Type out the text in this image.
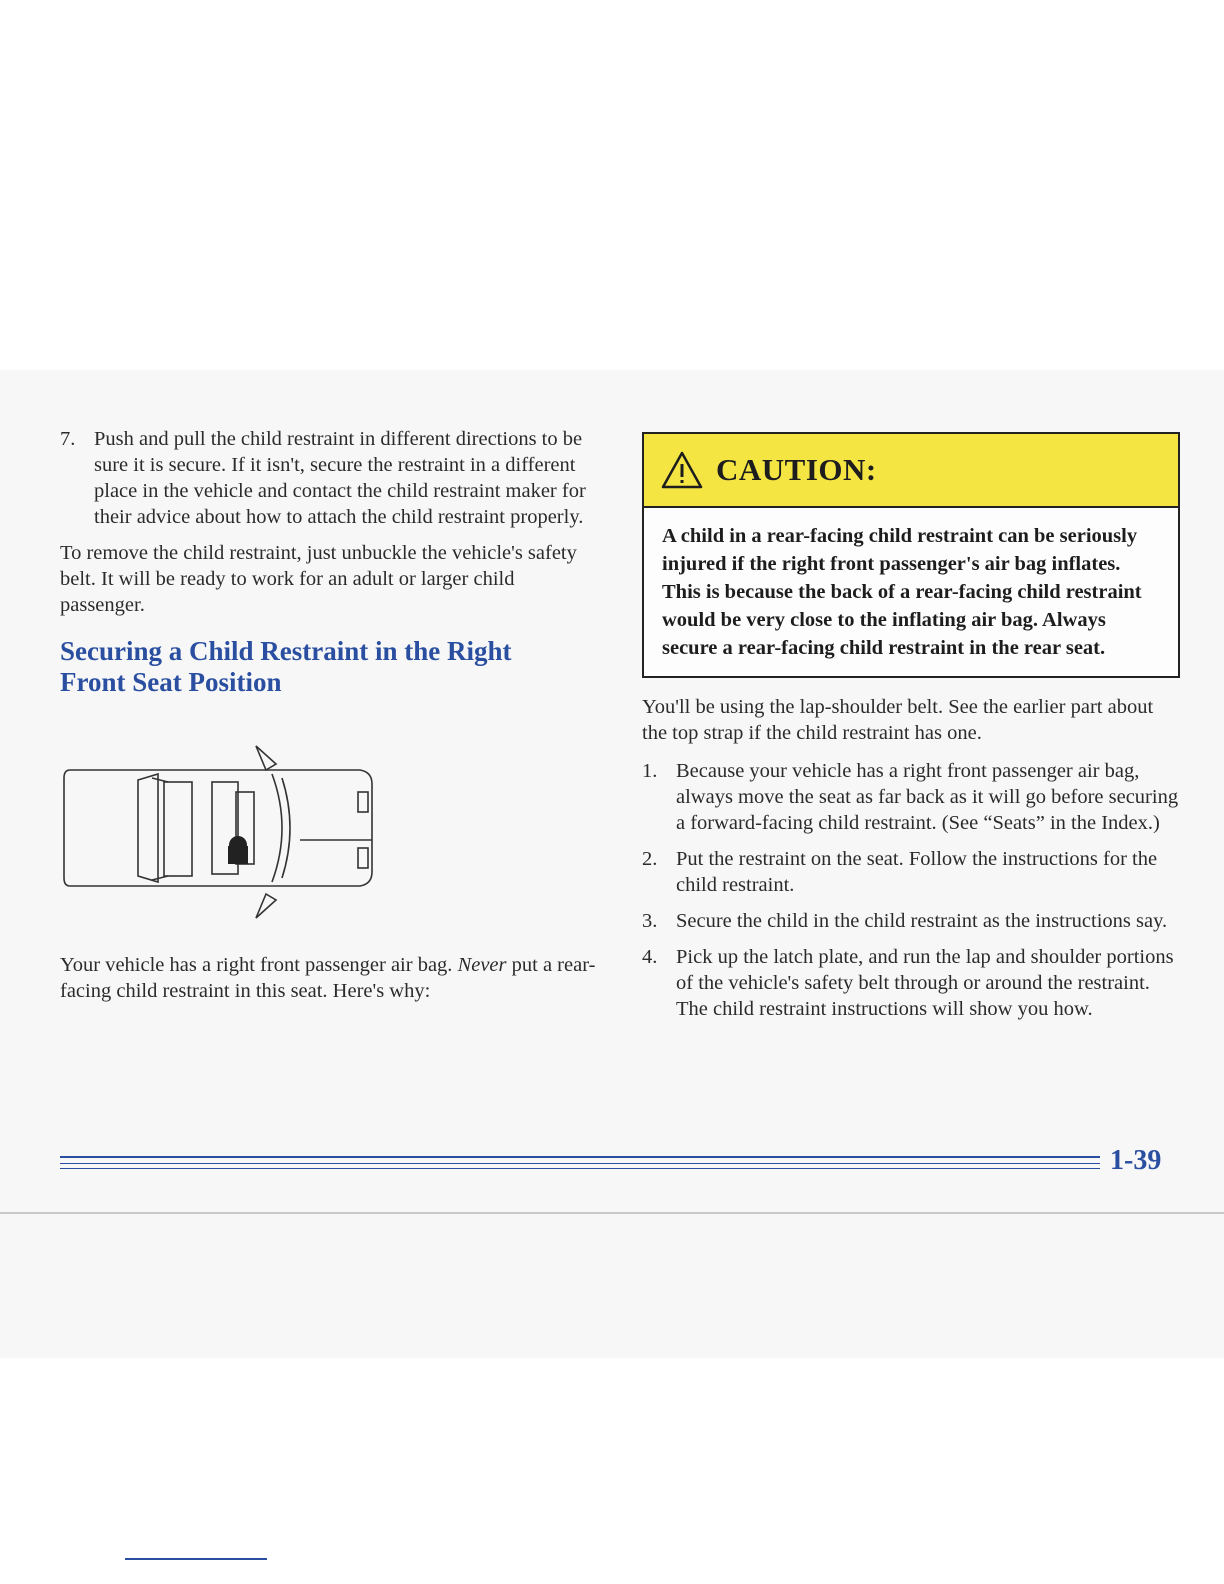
7. Push and pull the child restraint in different directions to be sure it is secure. If it isn't, secure the restraint in a different place in the vehicle and contact the child restraint maker for their advice about how to attach the child restraint properly.

To remove the child restraint, just unbuckle the vehicle's safety belt. It will be ready to work for an adult or larger child passenger.

Securing a Child Restraint in the Right Front Seat Position

Your vehicle has a right front passenger air bag. Never put a rear-facing child restraint in this seat. Here's why:

CAUTION:
A child in a rear-facing child restraint can be seriously injured if the right front passenger's air bag inflates. This is because the back of a rear-facing child restraint would be very close to the inflating air bag. Always secure a rear-facing child restraint in the rear seat.

You'll be using the lap-shoulder belt. See the earlier part about the top strap if the child restraint has one.

1. Because your vehicle has a right front passenger air bag, always move the seat as far back as it will go before securing a forward-facing child restraint. (See “Seats” in the Index.)
2. Put the restraint on the seat. Follow the instructions for the child restraint.
3. Secure the child in the child restraint as the instructions say.
4. Pick up the latch plate, and run the lap and shoulder portions of the vehicle's safety belt through or around the restraint. The child restraint instructions will show you how.
1-39
